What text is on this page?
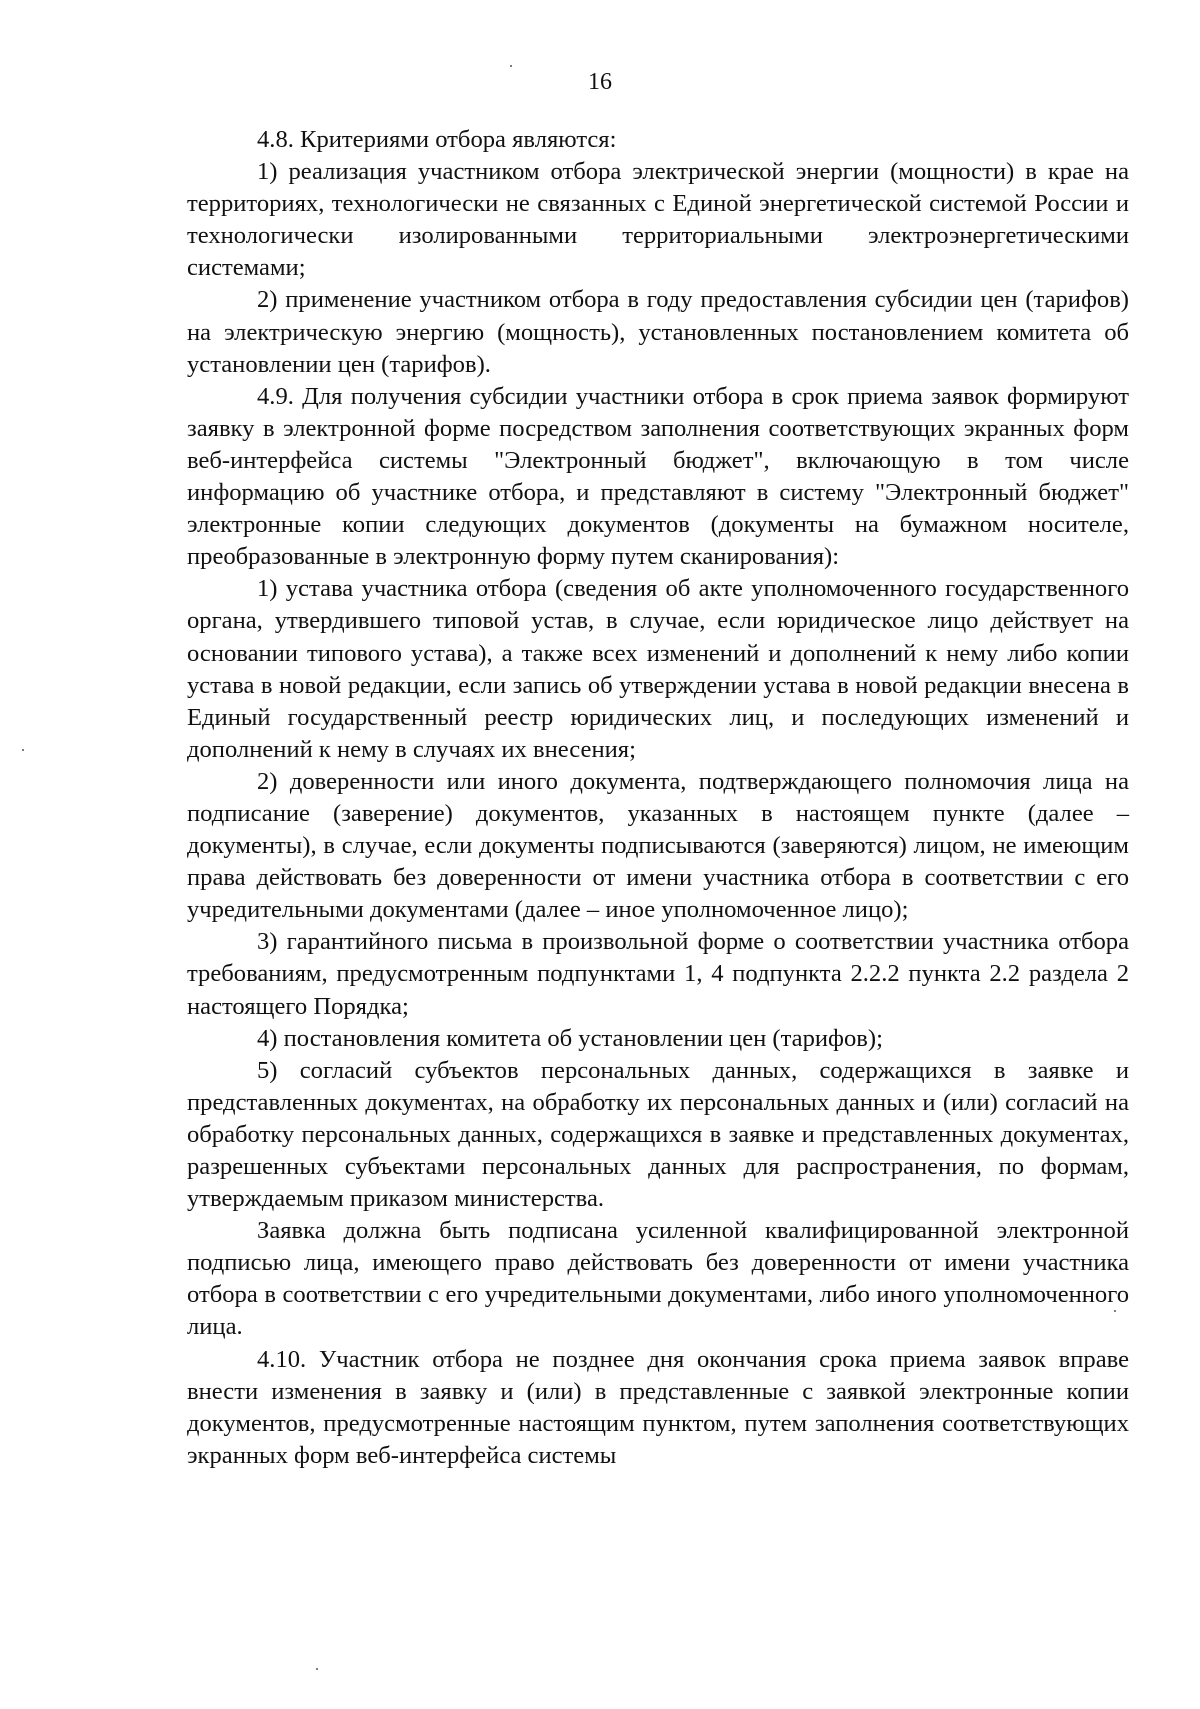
16

4.8. Критериями отбора являются:

1) реализация участником отбора электрической энергии (мощности) в крае на территориях, технологически не связанных с Единой энергетической системой России и технологически изолированными территориальными электроэнергетическими системами;

2) применение участником отбора в году предоставления субсидии цен (тарифов) на электрическую энергию (мощность), установленных постановлением комитета об установлении цен (тарифов).

4.9. Для получения субсидии участники отбора в срок приема заявок формируют заявку в электронной форме посредством заполнения соответствующих экранных форм веб-интерфейса системы "Электронный бюджет", включающую в том числе информацию об участнике отбора, и представляют в систему "Электронный бюджет" электронные копии следующих документов (документы на бумажном носителе, преобразованные в электронную форму путем сканирования):

1) устава участника отбора (сведения об акте уполномоченного государственного органа, утвердившего типовой устав, в случае, если юридическое лицо действует на основании типового устава), а также всех изменений и дополнений к нему либо копии устава в новой редакции, если запись об утверждении устава в новой редакции внесена в Единый государственный реестр юридических лиц, и последующих изменений и дополнений к нему в случаях их внесения;

2) доверенности или иного документа, подтверждающего полномочия лица на подписание (заверение) документов, указанных в настоящем пункте (далее – документы), в случае, если документы подписываются (заверяются) лицом, не имеющим права действовать без доверенности от имени участника отбора в соответствии с его учредительными документами (далее – иное уполномоченное лицо);

3) гарантийного письма в произвольной форме о соответствии участника отбора требованиям, предусмотренным подпунктами 1, 4 подпункта 2.2.2 пункта 2.2 раздела 2 настоящего Порядка;

4) постановления комитета об установлении цен (тарифов);

5) согласий субъектов персональных данных, содержащихся в заявке и представленных документах, на обработку их персональных данных и (или) согласий на обработку персональных данных, содержащихся в заявке и представленных документах, разрешенных субъектами персональных данных для распространения, по формам, утверждаемым приказом министерства.

Заявка должна быть подписана усиленной квалифицированной электронной подписью лица, имеющего право действовать без доверенности от имени участника отбора в соответствии с его учредительными документами, либо иного уполномоченного лица.

4.10. Участник отбора не позднее дня окончания срока приема заявок вправе внести изменения в заявку и (или) в представленные с заявкой электронные копии документов, предусмотренные настоящим пунктом, путем заполнения соответствующих экранных форм веб-интерфейса системы
